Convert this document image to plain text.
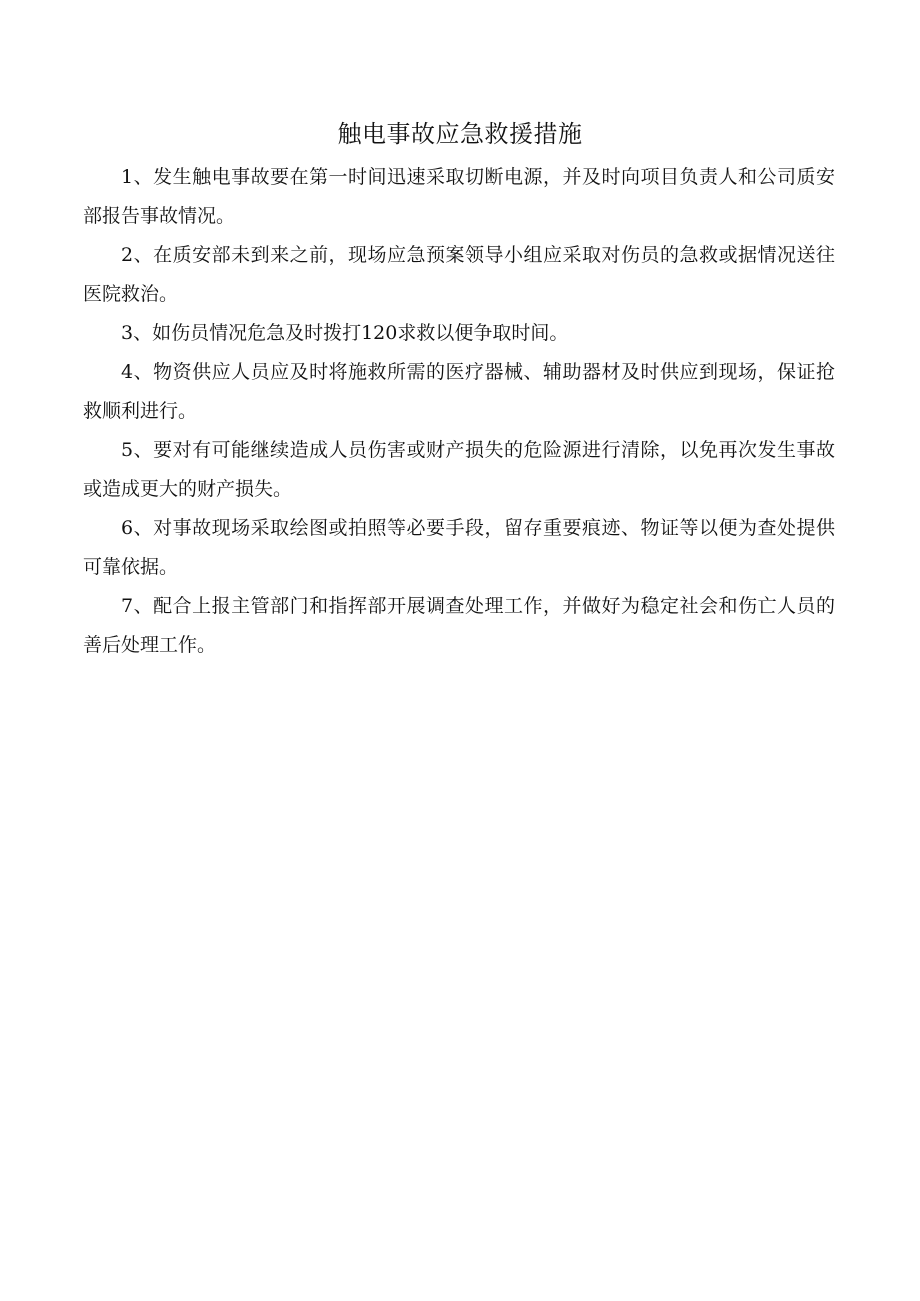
触电事故应急救援措施

1、发生触电事故要在第一时间迅速采取切断电源，并及时向项目负责人和公司质安部报告事故情况。

2、在质安部未到来之前，现场应急预案领导小组应采取对伤员的急救或据情况送往医院救治。

3、如伤员情况危急及时拨打120求救以便争取时间。

4、物资供应人员应及时将施救所需的医疗器械、辅助器材及时供应到现场，保证抢救顺利进行。

5、要对有可能继续造成人员伤害或财产损失的危险源进行清除，以免再次发生事故或造成更大的财产损失。

6、对事故现场采取绘图或拍照等必要手段，留存重要痕迹、物证等以便为查处提供可靠依据。

7、配合上报主管部门和指挥部开展调查处理工作，并做好为稳定社会和伤亡人员的善后处理工作。
